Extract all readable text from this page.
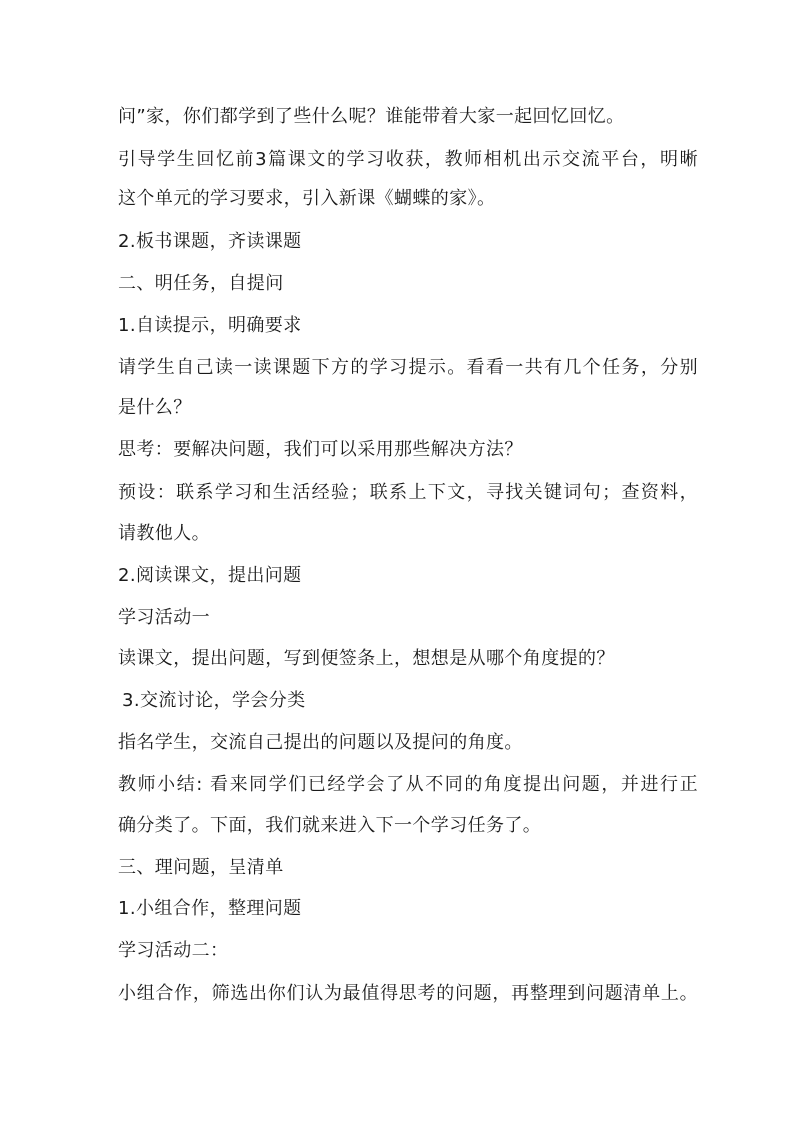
问”家，你们都学到了些什么呢？谁能带着大家一起回忆回忆。
引导学生回忆前3篇课文的学习收获，教师相机出示交流平台，明晰
这个单元的学习要求，引入新课《蝴蝶的家》。
2.板书课题，齐读课题
二、明任务，自提问
1.自读提示，明确要求
请学生自己读一读课题下方的学习提示。看看一共有几个任务，分别
是什么？
思考：要解决问题，我们可以采用那些解决方法？
预设：联系学习和生活经验；联系上下文，寻找关键词句；查资料，
请教他人。
2.阅读课文，提出问题
学习活动一
读课文，提出问题，写到便签条上，想想是从哪个角度提的？
3.交流讨论，学会分类
指名学生，交流自己提出的问题以及提问的角度。
教师小结: 看来同学们已经学会了从不同的角度提出问题，并进行正
确分类了。下面，我们就来进入下一个学习任务了。
三、理问题，呈清单
1.小组合作，整理问题
学习活动二：
小组合作，筛选出你们认为最值得思考的问题，再整理到问题清单上。
